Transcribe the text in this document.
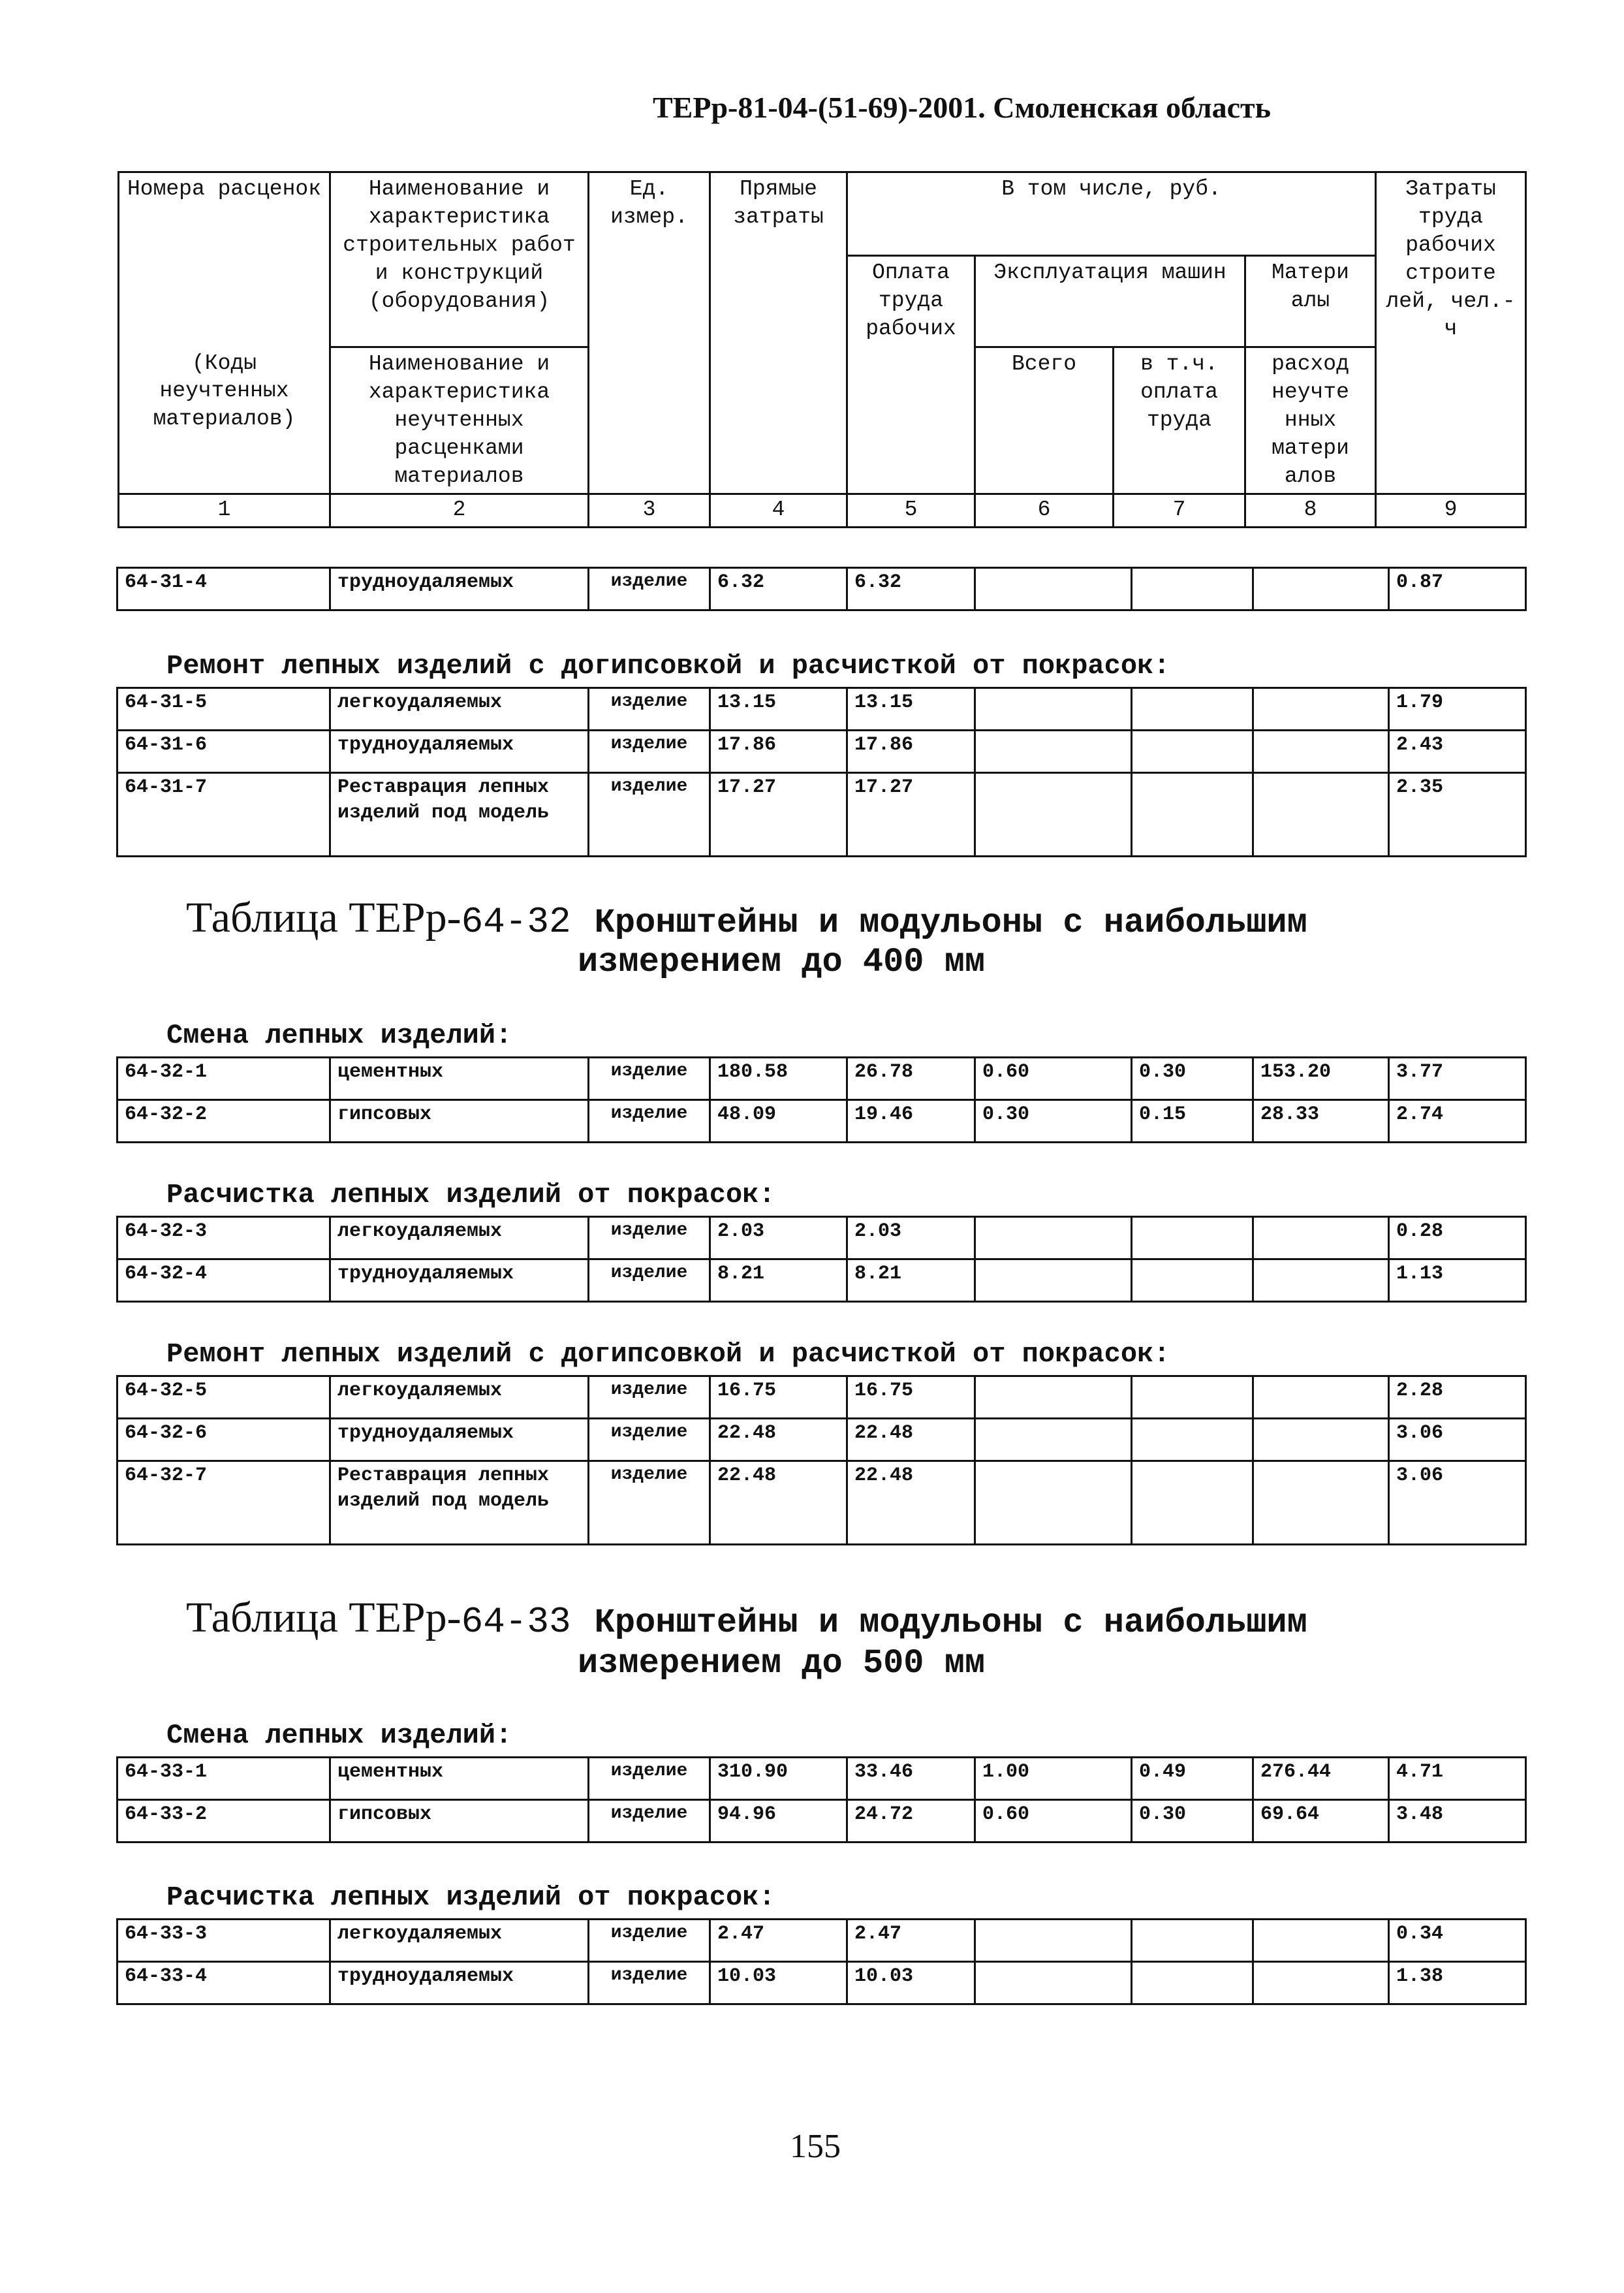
ТЕРр-81-04-(51-69)-2001. Смоленская область
Номера расценок	Наименование и характеристика строительных работ и конструкций (оборудования)	Ед. измер.	Прямые затраты	В том числе, руб.				Затраты труда рабочих строите лей, чел.-ч
				Оплата труда рабочих	Эксплуатация машин		Матери алы	
(Коды неучтенных материалов)	Наименование и характеристика неучтенных расценками материалов				Всего	в т.ч. оплата труда	расход неучте нных матери алов	
1	2	3	4	5	6	7	8	9
64-31-4	трудноудаляемых	изделие	6.32	6.32				0.87
Ремонт лепных изделий с догипсовкой и расчисткой от покрасок:
64-31-5	легкоудаляемых	изделие	13.15	13.15				1.79
64-31-6	трудноудаляемых	изделие	17.86	17.86				2.43
64-31-7	Реставрация лепных изделий под модель	изделие	17.27	17.27				2.35
Таблица ТЕРр-64-32 Кронштейны и модульоны с наибольшим
измерением до 400 мм
Смена лепных изделий:
64-32-1	цементных	изделие	180.58	26.78	0.60	0.30	153.20	3.77
64-32-2	гипсовых	изделие	48.09	19.46	0.30	0.15	28.33	2.74
Расчистка лепных изделий от покрасок:
64-32-3	легкоудаляемых	изделие	2.03	2.03				0.28
64-32-4	трудноудаляемых	изделие	8.21	8.21				1.13
Ремонт лепных изделий с догипсовкой и расчисткой от покрасок:
64-32-5	легкоудаляемых	изделие	16.75	16.75				2.28
64-32-6	трудноудаляемых	изделие	22.48	22.48				3.06
64-32-7	Реставрация лепных изделий под модель	изделие	22.48	22.48				3.06
Таблица ТЕРр-64-33 Кронштейны и модульоны с наибольшим
измерением до 500 мм
Смена лепных изделий:
64-33-1	цементных	изделие	310.90	33.46	1.00	0.49	276.44	4.71
64-33-2	гипсовых	изделие	94.96	24.72	0.60	0.30	69.64	3.48
Расчистка лепных изделий от покрасок:
64-33-3	легкоудаляемых	изделие	2.47	2.47				0.34
64-33-4	трудноудаляемых	изделие	10.03	10.03				1.38
155
